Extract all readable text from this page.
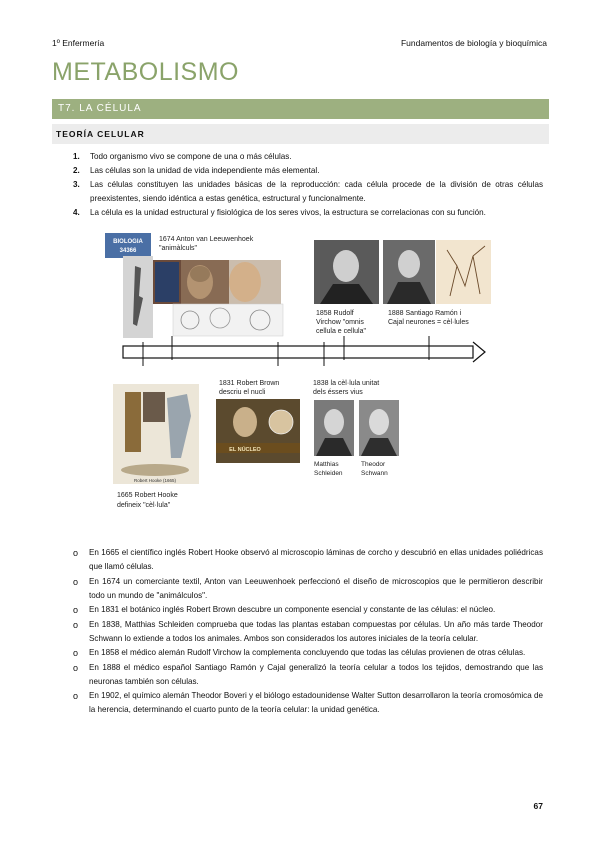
1º Enfermería	Fundamentos de biología y bioquímica
METABOLISMO
T7. LA CÉLULA
TEORÍA CELULAR
1. Todo organismo vivo se compone de una o más células.
2. Las células son la unidad de vida independiente más elemental.
3. Las células constituyen las unidades básicas de la reproducción: cada célula procede de la división de otras células preexistentes, siendo idéntica a estas genética, estructural y funcionalmente.
4. La célula es la unidad estructural y fisiológica de los seres vivos, la estructura se correlacionas con su función.
BIOLOGIA
34366
1674 Anton van Leeuwenhoek
"animàlculs"
1858 Rudolf
Virchow "omnis
cellula e cellula"
1888 Santiago Ramón i
Cajal neurones = cèl·lules
Robert Hooke (1665)
1665 Robert Hooke
defineix "cèl·lula"
1831 Robert Brown
descriu el nucli
EL NÚCLEO
1838 la cèl·lula unitat
dels éssers vius
Matthias
Schleiden
Theodor
Schwann
o En 1665 el científico inglés Robert Hooke observó al microscopio láminas de corcho y descubrió en ellas unidades poliédricas que llamó células.
o En 1674 un comerciante textil, Anton van Leeuwenhoek perfeccionó el diseño de microscopios que le permitieron describir todo un mundo de "animálculos".
o En 1831 el botánico inglés Robert Brown descubre un componente esencial y constante de las células: el núcleo.
o En 1838, Matthias Schleiden comprueba que todas las plantas estaban compuestas por células. Un año más tarde Theodor Schwann lo extiende a todos los animales. Ambos son considerados los autores iniciales de la teoría celular.
o En 1858 el médico alemán Rudolf Virchow la complementa concluyendo que todas las células provienen de otras células.
o En 1888 el médico español Santiago Ramón y Cajal generalizó la teoría celular a todos los tejidos, demostrando que las neuronas también son células.
o En 1902, el químico alemán Theodor Boveri y el biólogo estadounidense Walter Sutton desarrollaron la teoría cromosómica de la herencia, determinando el cuarto punto de la teoría celular: la unidad genética.
67
